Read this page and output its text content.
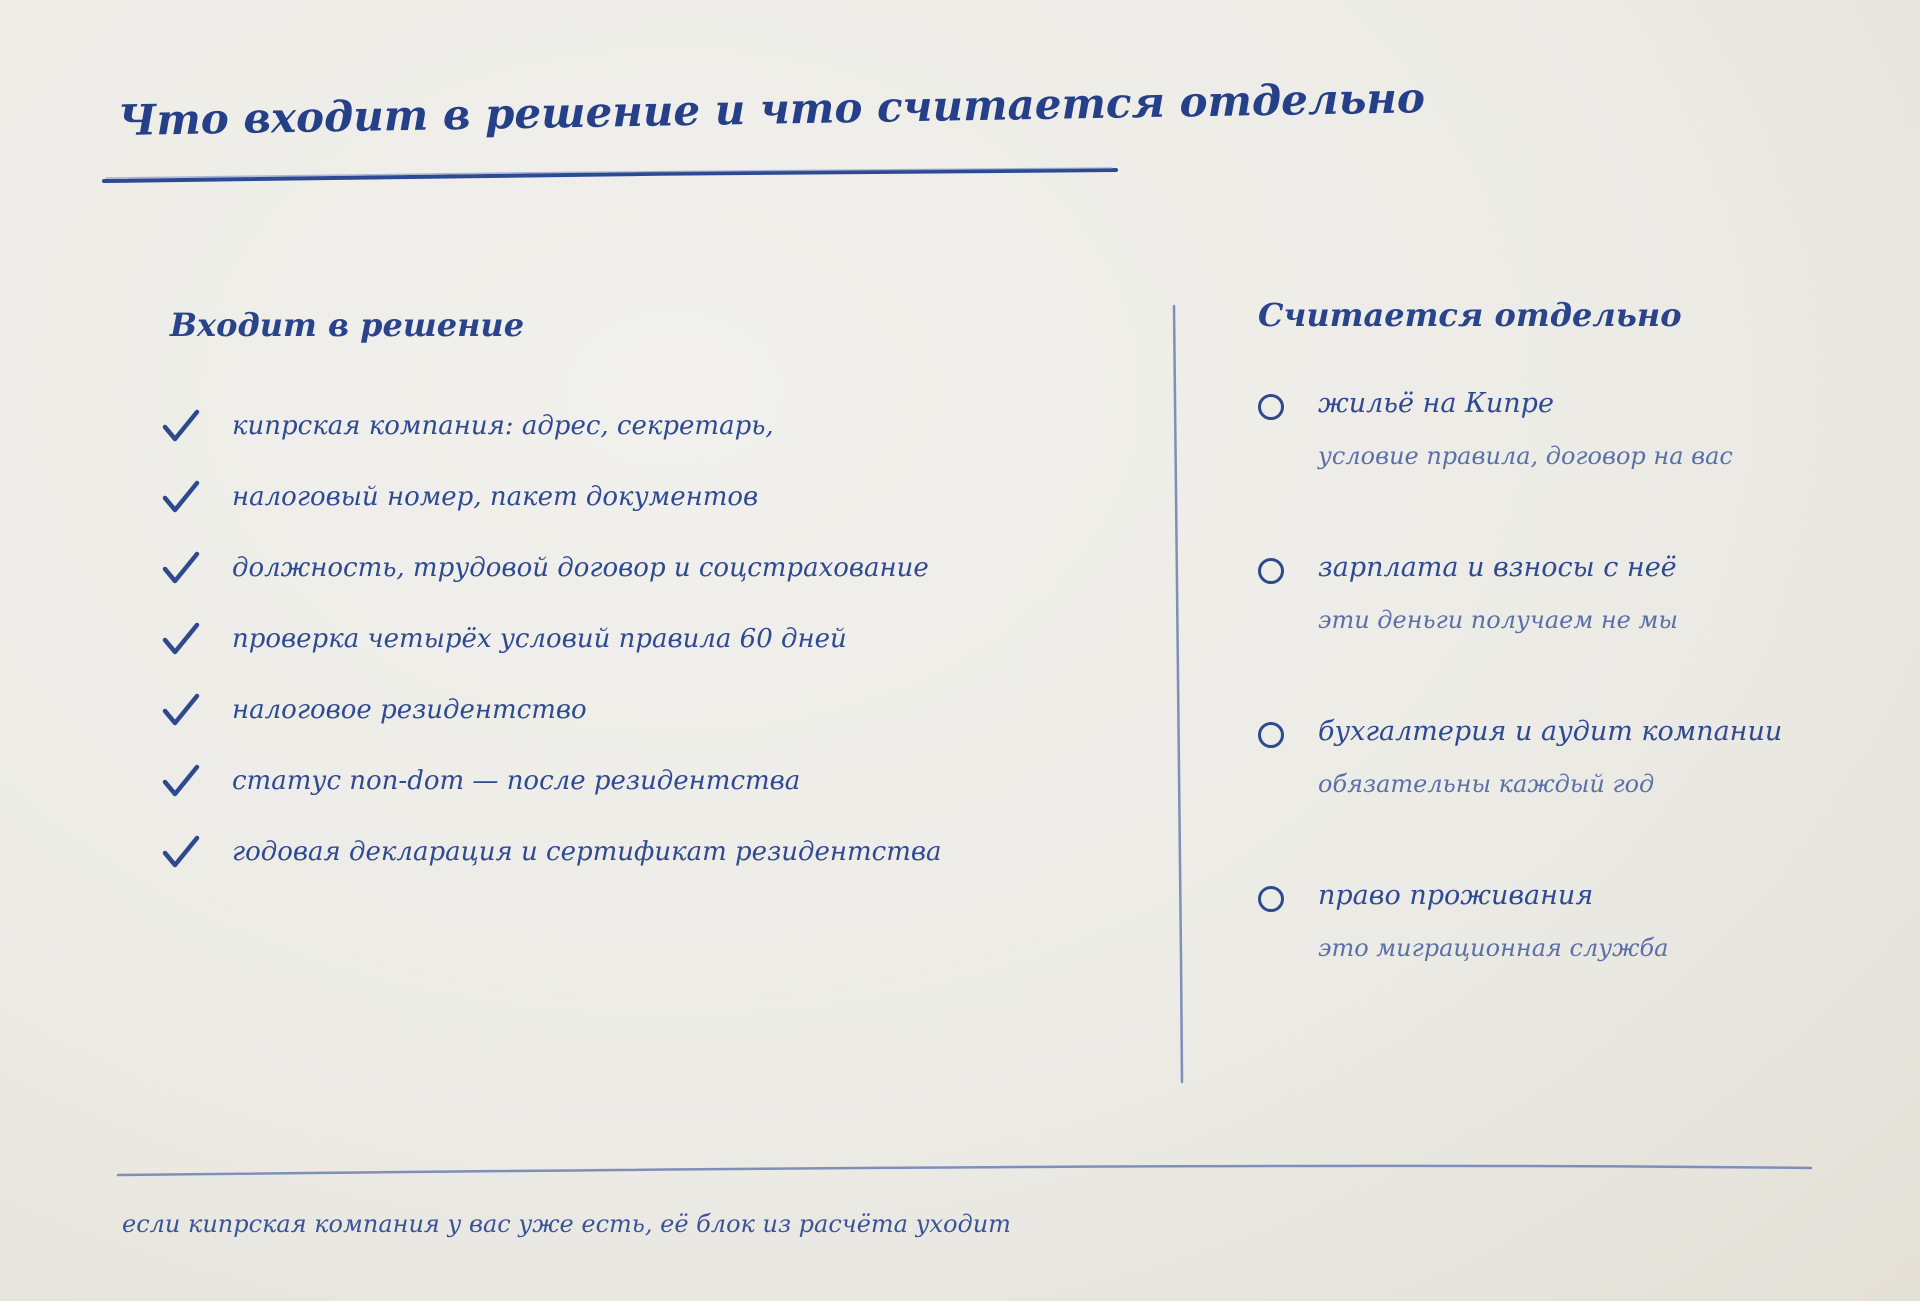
Что входит в решение и что считается отдельно
Входит в решение
кипрская компания: адрес, секретарь,
налоговый номер, пакет документов
должность, трудовой договор и соцстрахование
проверка четырёх условий правила 60 дней
налоговое резидентство
статус non-dom — после резидентства
годовая декларация и сертификат резидентства
Считается отдельно
жильё на Кипре
условие правила, договор на вас
зарплата и взносы с неё
эти деньги получаем не мы
бухгалтерия и аудит компании
обязательны каждый год
право проживания
это миграционная служба
если кипрская компания у вас уже есть, её блок из расчёта уходит
